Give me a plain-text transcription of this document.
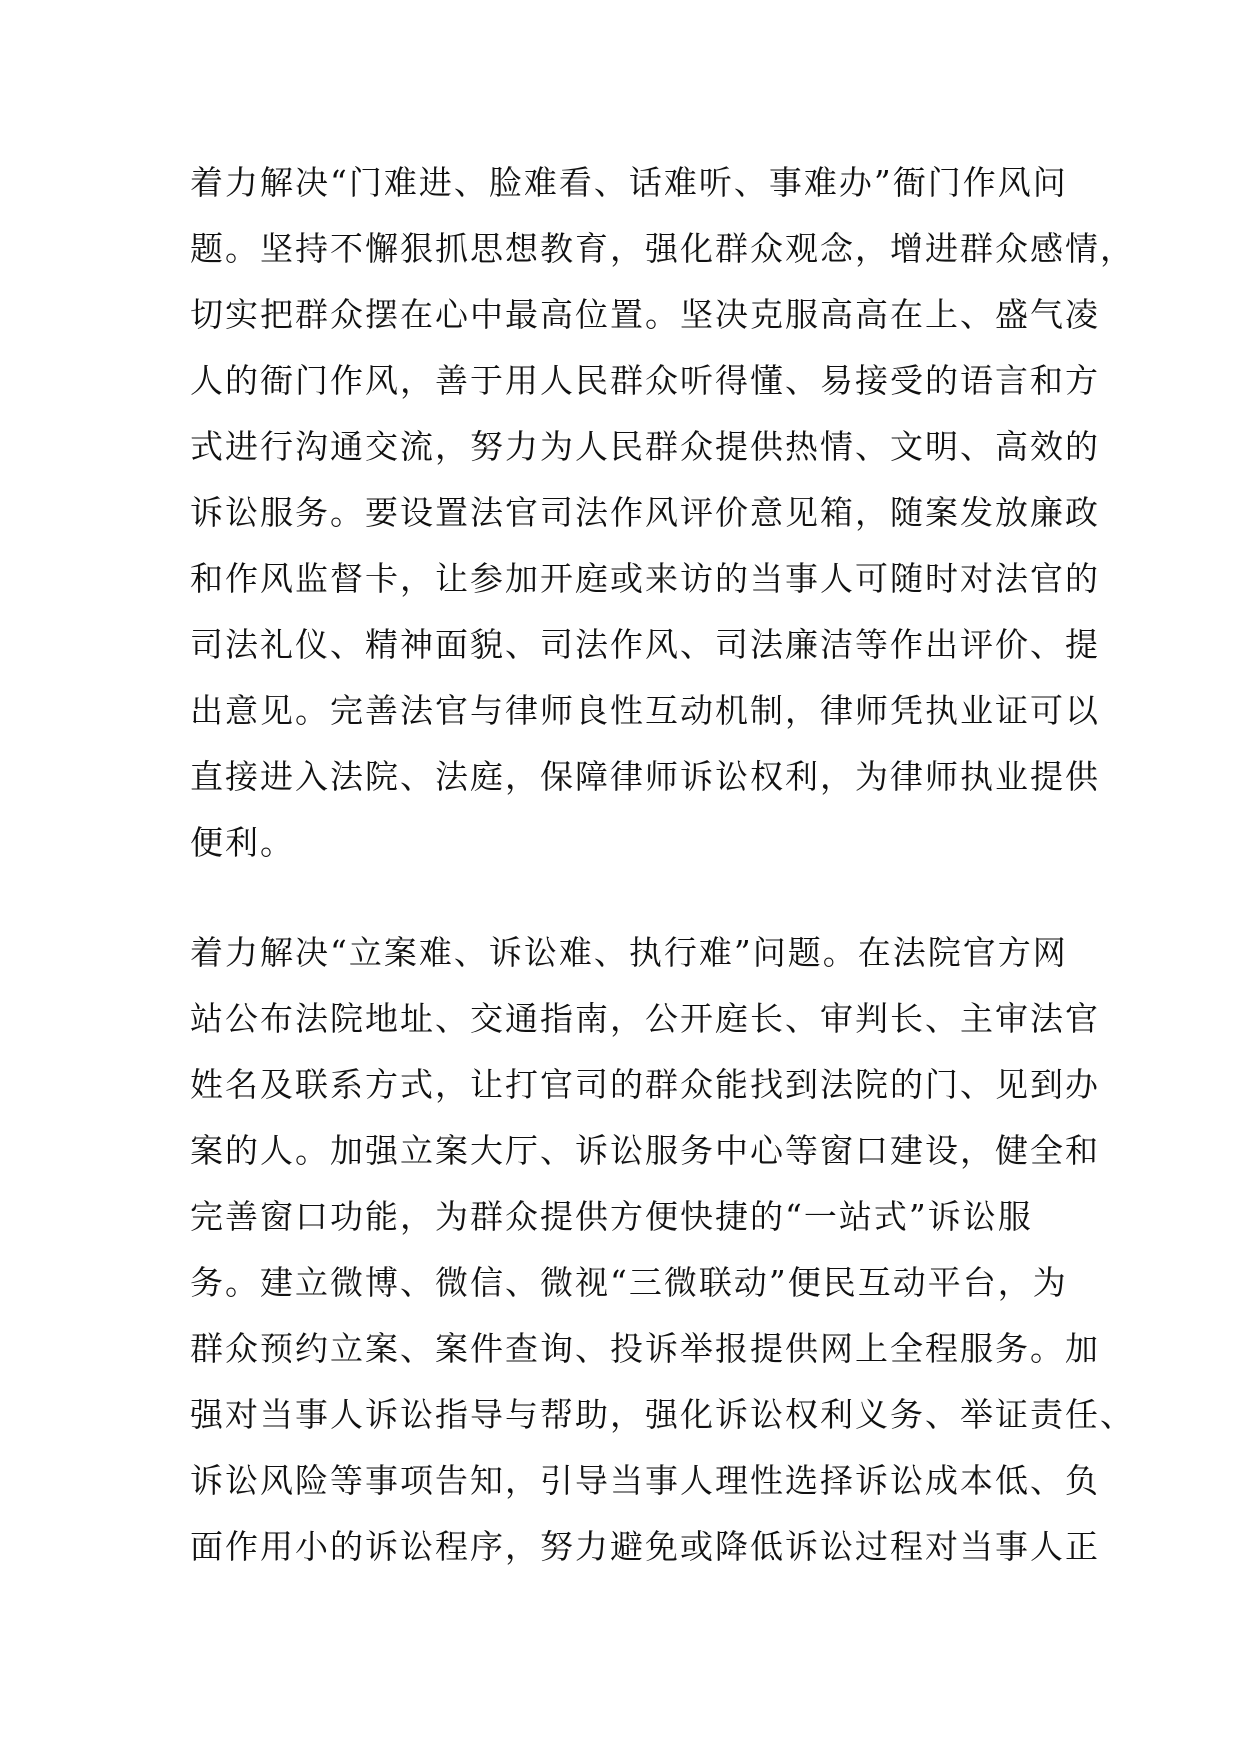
着力解决“门难进、脸难看、话难听、事难办”衙门作风问
题。坚持不懈狠抓思想教育，强化群众观念，增进群众感情，
切实把群众摆在心中最高位置。坚决克服高高在上、盛气凌
人的衙门作风，善于用人民群众听得懂、易接受的语言和方
式进行沟通交流，努力为人民群众提供热情、文明、高效的
诉讼服务。要设置法官司法作风评价意见箱，随案发放廉政
和作风监督卡，让参加开庭或来访的当事人可随时对法官的
司法礼仪、精神面貌、司法作风、司法廉洁等作出评价、提
出意见。完善法官与律师良性互动机制，律师凭执业证可以
直接进入法院、法庭，保障律师诉讼权利，为律师执业提供
便利。
着力解决“立案难、诉讼难、执行难”问题。在法院官方网
站公布法院地址、交通指南，公开庭长、审判长、主审法官
姓名及联系方式，让打官司的群众能找到法院的门、见到办
案的人。加强立案大厅、诉讼服务中心等窗口建设，健全和
完善窗口功能，为群众提供方便快捷的“一站式”诉讼服
务。建立微博、微信、微视“三微联动”便民互动平台，为
群众预约立案、案件查询、投诉举报提供网上全程服务。加
强对当事人诉讼指导与帮助，强化诉讼权利义务、举证责任、
诉讼风险等事项告知，引导当事人理性选择诉讼成本低、负
面作用小的诉讼程序，努力避免或降低诉讼过程对当事人正
